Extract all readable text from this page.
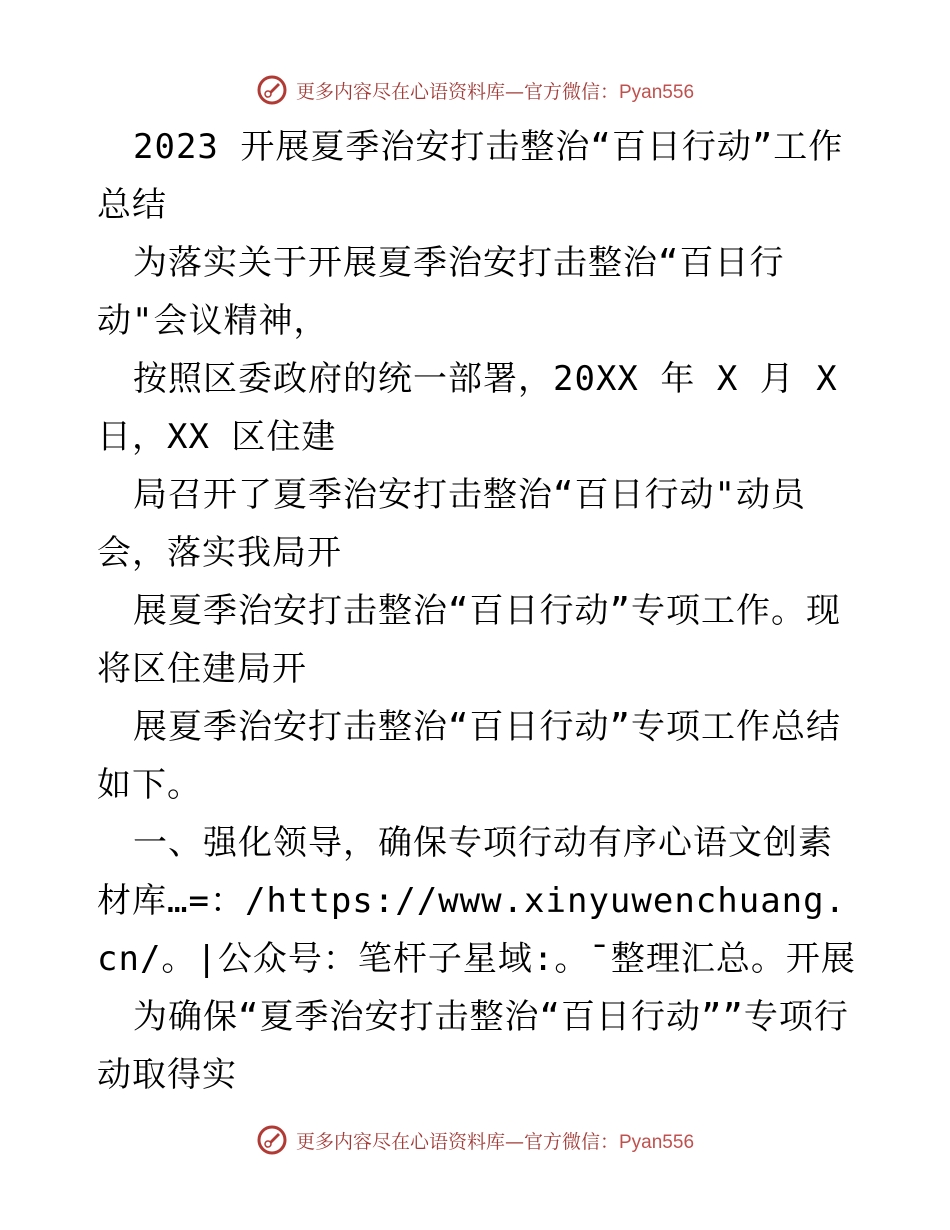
更多内容尽在心语资料库—官方微信：Pyan556

2023 开展夏季治安打击整治“百日行动”工作总结

为落实关于开展夏季治安打击整治“百日行动"会议精神，

按照区委政府的统一部署，20XX 年 X 月 X 日，XX 区住建

局召开了夏季治安打击整治“百日行动"动员会，落实我局开

展夏季治安打击整治“百日行动”专项工作。现将区住建局开

展夏季治安打击整治“百日行动”专项工作总结如下。

一、强化领导，确保专项行动有序心语文创素材库…=：/https://www.xinyuwenchuang.cn/。|公众号：笔杆子星域:。¯整理汇总。开展

为确保“夏季治安打击整治“百日行动””专项行动取得实

更多内容尽在心语资料库—官方微信：Pyan556
